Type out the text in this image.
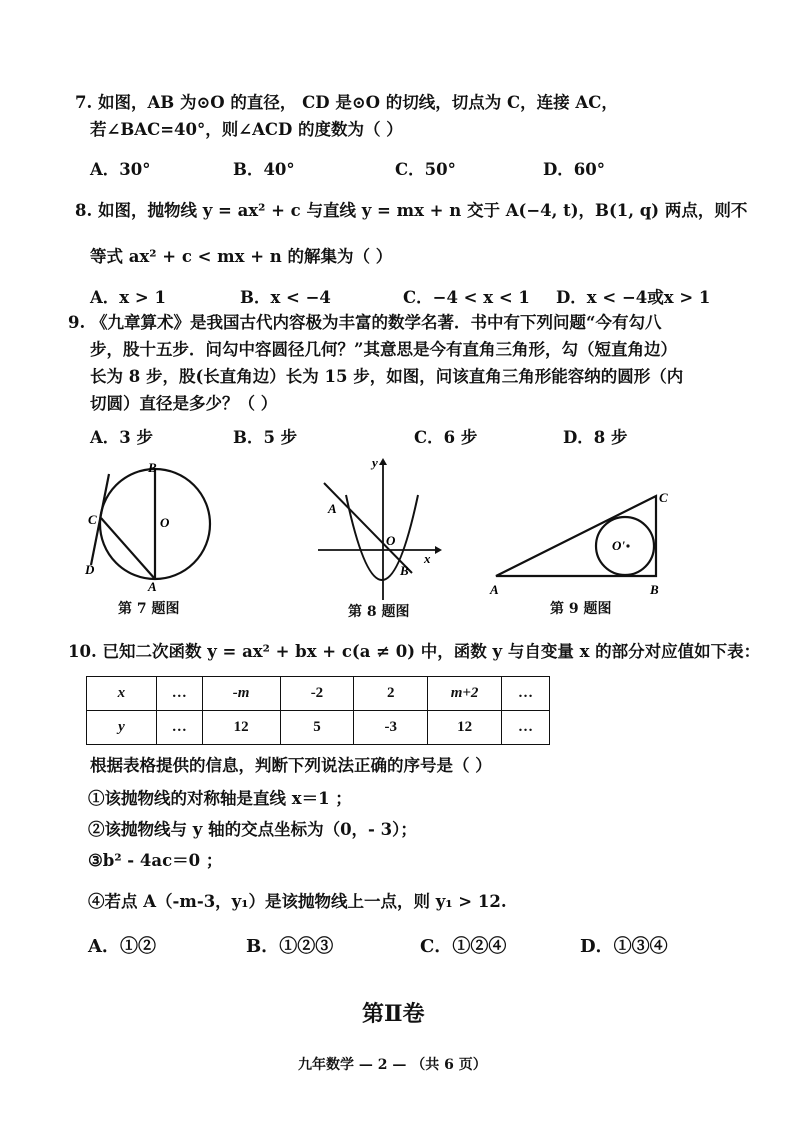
7. 如图，AB 为⊙O 的直径， CD 是⊙O 的切线，切点为 C，连接 AC，
若∠BAC=40°，则∠ACD 的度数为（ ）
A．30°	B．40°	C．50°	D．60°
8. 如图，抛物线 y = ax² + c 与直线 y = mx + n 交于 A(−4, t)，B(1, q) 两点，则不
等式 ax² + c < mx + n 的解集为（ ）
A．x > 1	B．x < −4	C．−4 < x < 1 D．x < −4或x > 1
9. 《九章算术》是我国古代内容极为丰富的数学名著．书中有下列问题“今有勾八
步，股十五步．问勾中容圆径几何？”其意思是今有直角三角形，勾（短直角边）
长为 8 步，股(长直角边）长为 15 步，如图，问该直角三角形能容纳的圆形（内
切圆）直径是多少？（ ）
A．3 步	B．5 步	C．6 步	D．8 步
B
C	O
D
A
第 7 题图
y
A
O
x
B
第 8 题图
C
O'
A	B
第 9 题图
10. 已知二次函数 y = ax² + bx + c(a ≠ 0) 中，函数 y 与自变量 x 的部分对应值如下表：
x	…	-m	-2	2	m+2	…
y	…	12	5	-3	12	…
根据表格提供的信息，判断下列说法正确的序号是（ ）
①该抛物线的对称轴是直线 x＝1 ；
②该抛物线与 y 轴的交点坐标为（0，- 3）；
③b² - 4ac＝0 ；
④若点 A（-m-3，y₁）是该抛物线上一点，则 y₁ > 12.
A．①②	B．①②③	C．①②④	D．①③④
第Ⅱ卷
九年数学 — 2 — （共 6 页）
